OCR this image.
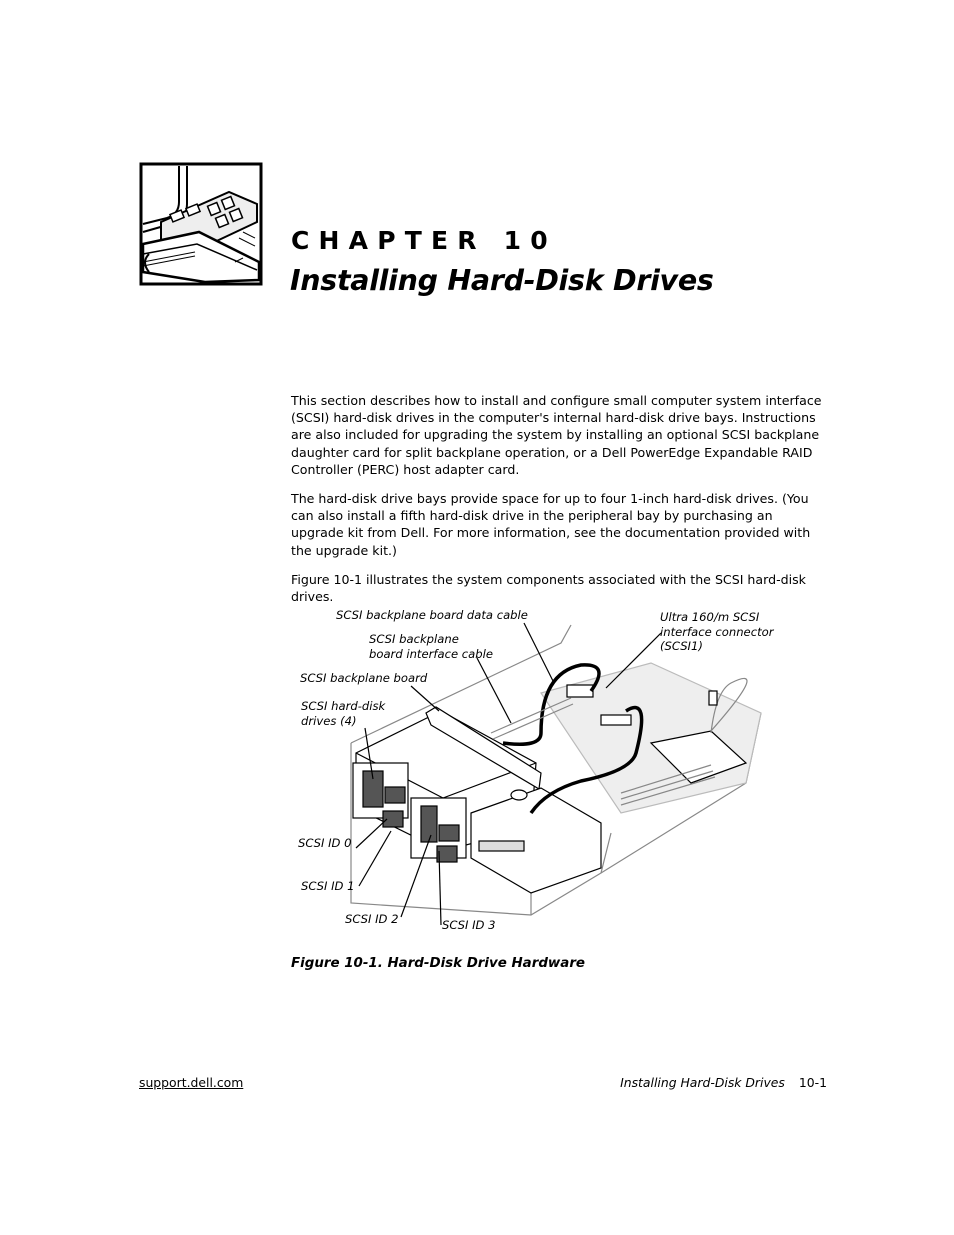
CHAPTER 10
Installing Hard-Disk Drives

This section describes how to install and configure small computer system interface (SCSI) hard-disk drives in the computer's internal hard-disk drive bays. Instructions are also included for upgrading the system by installing an optional SCSI backplane daughter card for split backplane operation, or a Dell PowerEdge Expandable RAID Controller (PERC) host adapter card.

The hard-disk drive bays provide space for up to four 1-inch hard-disk drives. (You can also install a fifth hard-disk drive in the peripheral bay by purchasing an upgrade kit from Dell. For more information, see the documentation provided with the upgrade kit.)

Figure 10-1 illustrates the system components associated with the SCSI hard-disk drives.

SCSI backplane board data cable
SCSI backplane
board interface cable
SCSI backplane board
SCSI hard-disk
drives (4)
Ultra 160/m SCSI
interface connector
(SCSI1)
SCSI ID 0
SCSI ID 1
SCSI ID 2	SCSI ID 3
Figure 10-1. Hard-Disk Drive Hardware
support.dell.com	Installing Hard-Disk Drives 10-1
